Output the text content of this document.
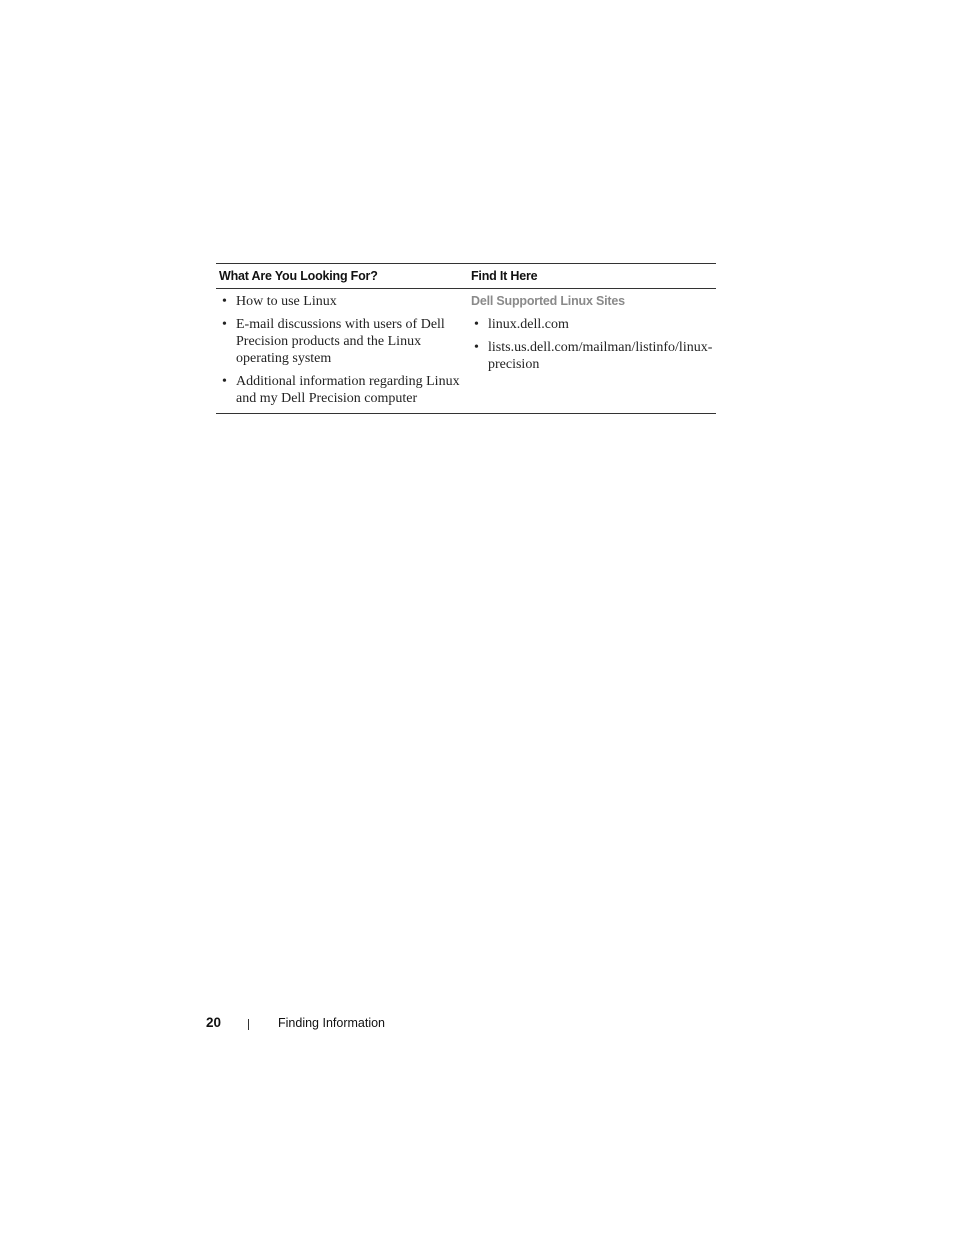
What Are You Looking For?	Find It Here
• How to use Linux
• E-mail discussions with users of Dell Precision products and the Linux operating system
• Additional information regarding Linux and my Dell Precision computer
Dell Supported Linux Sites
• linux.dell.com
• lists.us.dell.com/mailman/listinfo/linux-precision
20	Finding Information
